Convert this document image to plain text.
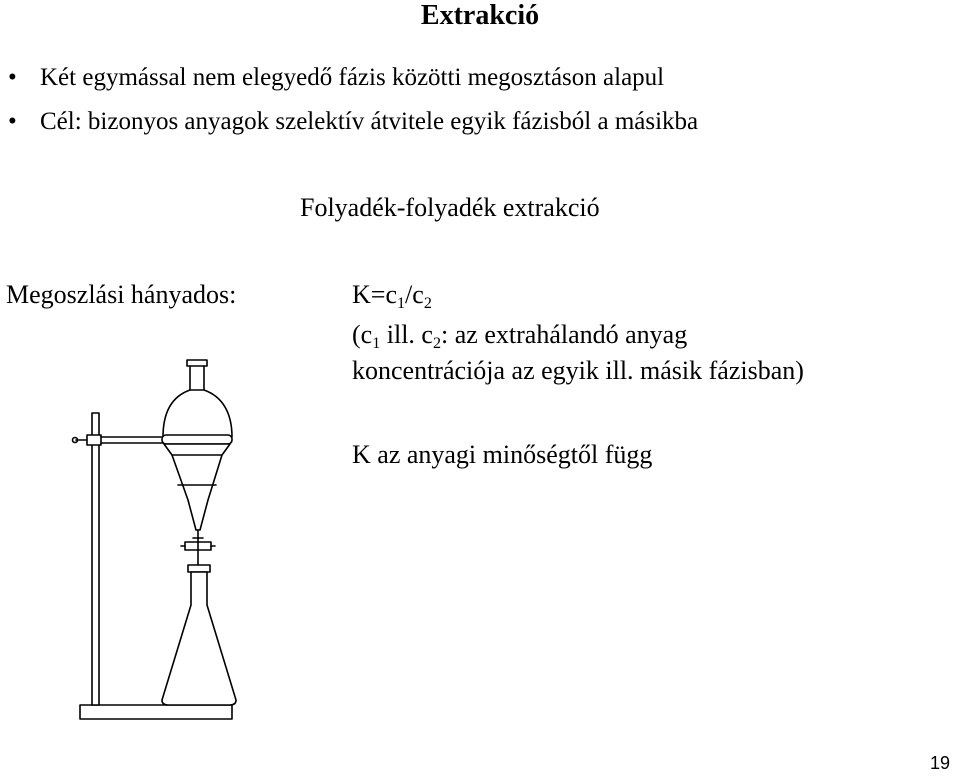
Extrakció
• Két egymással nem elegyedő fázis közötti megosztáson alapul
• Cél: bizonyos anyagok szelektív átvitele egyik fázisból a másikba
Folyadék-folyadék extrakció
Megoszlási hányados:	$K=c_1/c_2$
($c_1$ ill. $c_2$: az extrahálandó anyag
koncentrációja az egyik ill. másik fázisban)
K az anyagi minőségtől függ
19
